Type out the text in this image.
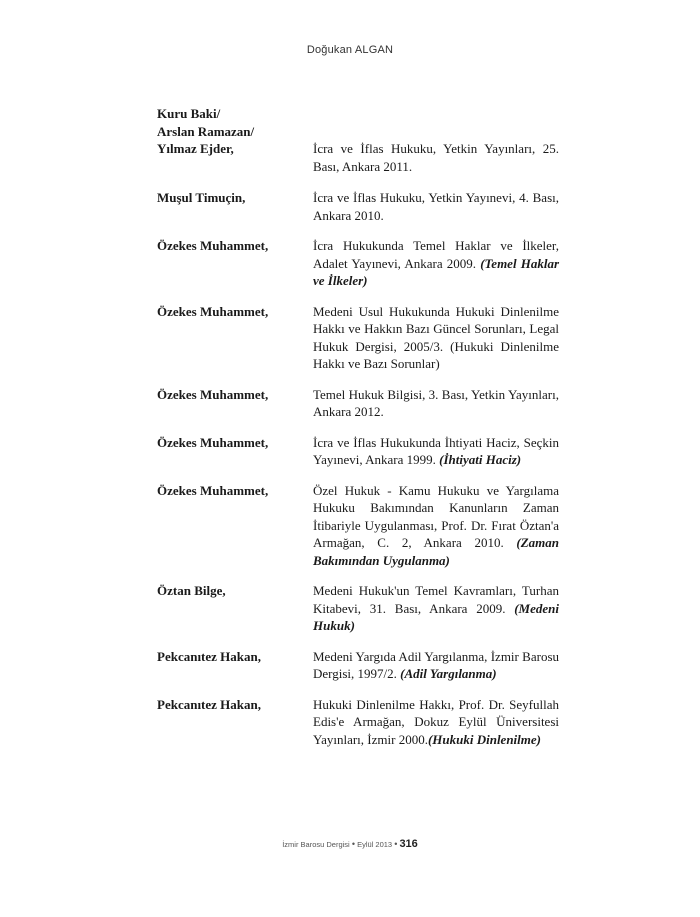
Doğukan ALGAN
Kuru Baki/
Arslan Ramazan/
Yılmaz Ejder,	İcra ve İflas Hukuku, Yetkin Yayınları, 25. Bası, Ankara 2011.
Muşul Timuçin,	İcra ve İflas Hukuku, Yetkin Yayınevi, 4. Bası, Ankara 2010.
Özekes Muhammet,	İcra Hukukunda Temel Haklar ve İlkeler, Adalet Yayınevi, Ankara 2009. (Temel Haklar ve İlkeler)
Özekes Muhammet,	Medeni Usul Hukukunda Hukuki Dinlenilme Hakkı ve Hakkın Bazı Güncel Sorunları, Legal Hukuk Dergisi, 2005/3. (Hukuki Dinlenilme Hakkı ve Bazı Sorunlar)
Özekes Muhammet,	Temel Hukuk Bilgisi, 3. Bası, Yetkin Yayınları, Ankara 2012.
Özekes Muhammet,	İcra ve İflas Hukukunda İhtiyati Haciz, Seçkin Yayınevi, Ankara 1999. (İhtiyati Haciz)
Özekes Muhammet,	Özel Hukuk - Kamu Hukuku ve Yargılama Hukuku Bakımından Kanunların Zaman İtibariyle Uygulanması, Prof. Dr. Fırat Öztan'a Armağan, C. 2, Ankara 2010. (Zaman Bakımından Uygulanma)
Öztan Bilge,	Medeni Hukuk'un Temel Kavramları, Turhan Kitabevi, 31. Bası, Ankara 2009. (Medeni Hukuk)
Pekcanıtez Hakan,	Medeni Yargıda Adil Yargılanma, İzmir Barosu Dergisi, 1997/2. (Adil Yargılanma)
Pekcanıtez Hakan,	Hukuki Dinlenilme Hakkı, Prof. Dr. Seyfullah Edis'e Armağan, Dokuz Eylül Üniversitesi Yayınları, İzmir 2000.(Hukuki Dinlenilme)
İzmir Barosu Dergisi • Eylül 2013 • 316
